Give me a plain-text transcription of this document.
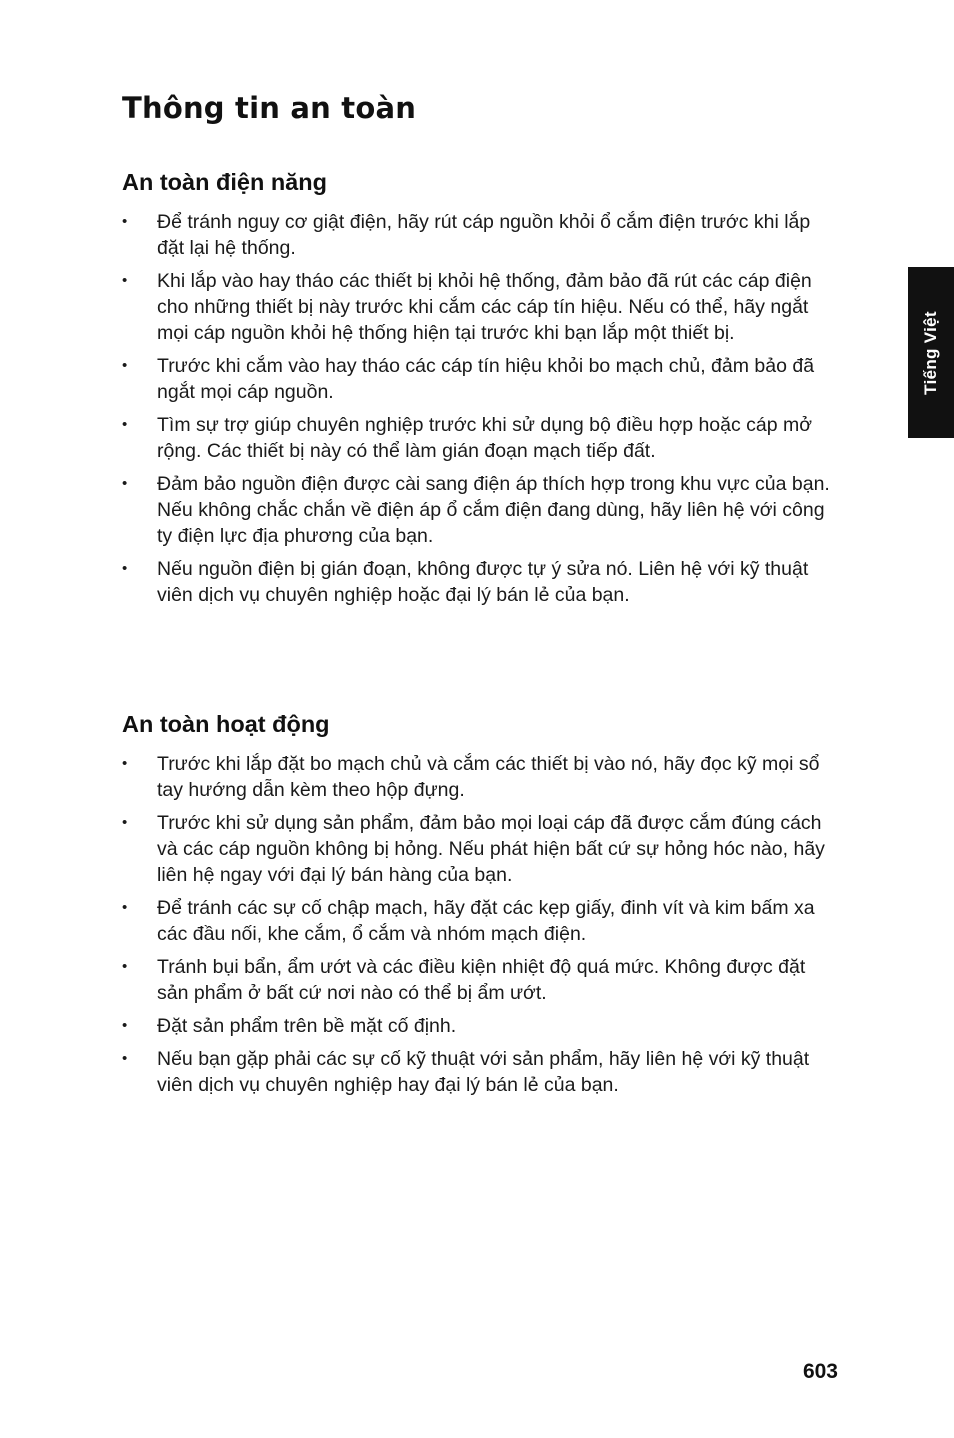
Thông tin an toàn
An toàn điện năng
• Để tránh nguy cơ giật điện, hãy rút cáp nguồn khỏi ổ cắm điện trước khi lắp đặt lại hệ thống.
• Khi lắp vào hay tháo các thiết bị khỏi hệ thống, đảm bảo đã rút các cáp điện cho những thiết bị này trước khi cắm các cáp tín hiệu. Nếu có thể, hãy ngắt mọi cáp nguồn khỏi hệ thống hiện tại trước khi bạn lắp một thiết bị.
• Trước khi cắm vào hay tháo các cáp tín hiệu khỏi bo mạch chủ, đảm bảo đã ngắt mọi cáp nguồn.
• Tìm sự trợ giúp chuyên nghiệp trước khi sử dụng bộ điều hợp hoặc cáp mở rộng. Các thiết bị này có thể làm gián đoạn mạch tiếp đất.
• Đảm bảo nguồn điện được cài sang điện áp thích hợp trong khu vực của bạn. Nếu không chắc chắn về điện áp ổ cắm điện đang dùng, hãy liên hệ với công ty điện lực địa phương của bạn.
• Nếu nguồn điện bị gián đoạn, không được tự ý sửa nó. Liên hệ với kỹ thuật viên dịch vụ chuyên nghiệp hoặc đại lý bán lẻ của bạn.
An toàn hoạt động
• Trước khi lắp đặt bo mạch chủ và cắm các thiết bị vào nó, hãy đọc kỹ mọi sổ tay hướng dẫn kèm theo hộp đựng.
• Trước khi sử dụng sản phẩm, đảm bảo mọi loại cáp đã được cắm đúng cách và các cáp nguồn không bị hỏng. Nếu phát hiện bất cứ sự hỏng hóc nào, hãy liên hệ ngay với đại lý bán hàng của bạn.
• Để tránh các sự cố chập mạch, hãy đặt các kẹp giấy, đinh vít và kim bấm xa các đầu nối, khe cắm, ổ cắm và nhóm mạch điện.
• Tránh bụi bẩn, ẩm ướt và các điều kiện nhiệt độ quá mức. Không được đặt sản phẩm ở bất cứ nơi nào có thể bị ẩm ướt.
• Đặt sản phẩm trên bề mặt cố định.
• Nếu bạn gặp phải các sự cố kỹ thuật với sản phẩm, hãy liên hệ với kỹ thuật viên dịch vụ chuyên nghiệp hay đại lý bán lẻ của bạn.
Tiếng Việt
603
